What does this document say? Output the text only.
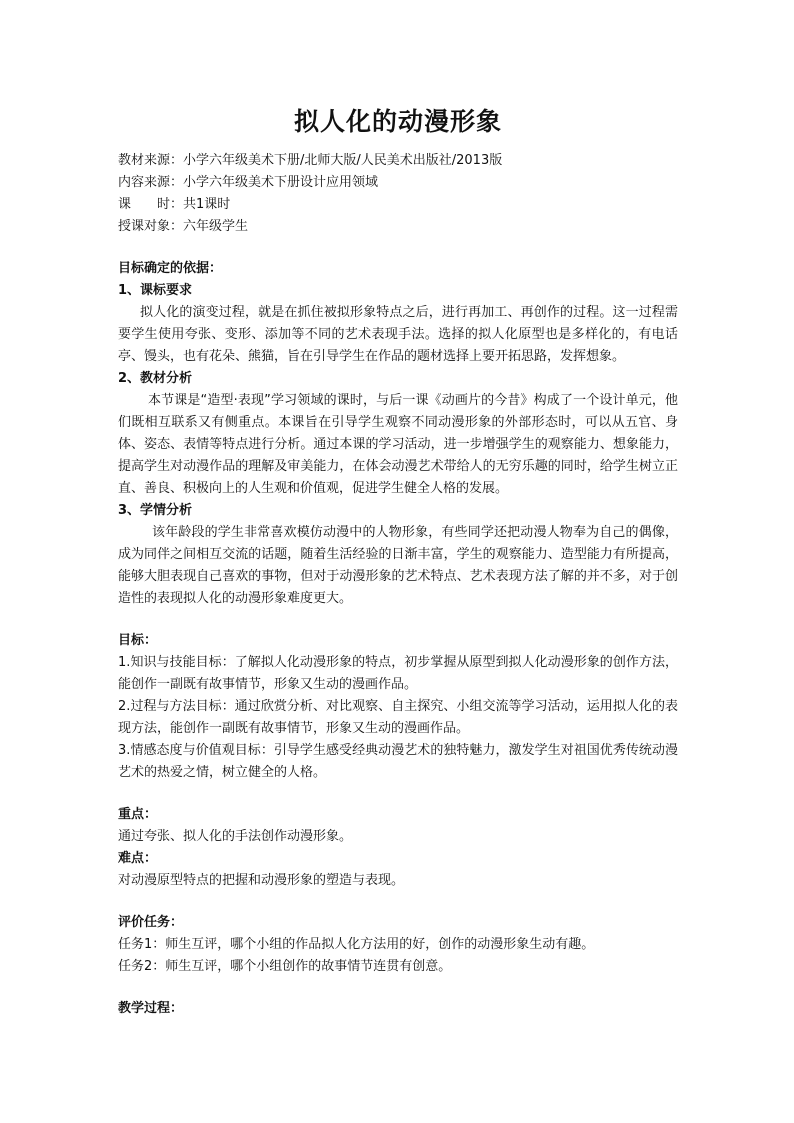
拟人化的动漫形象

教材来源：小学六年级美术下册/北师大版/人民美术出版社/2013版

内容来源：小学六年级美术下册设计应用领域

课　　时：共1课时

授课对象：六年级学生

目标确定的依据：

1、课标要求

拟人化的演变过程，就是在抓住被拟形象特点之后，进行再加工、再创作的过程。这一过程需要学生使用夸张、变形、添加等不同的艺术表现手法。选择的拟人化原型也是多样化的，有电话亭、馒头，也有花朵、熊猫，旨在引导学生在作品的题材选择上要开拓思路，发挥想象。

2、教材分析

本节课是“造型·表现”学习领域的课时，与后一课《动画片的今昔》构成了一个设计单元，他们既相互联系又有侧重点。本课旨在引导学生观察不同动漫形象的外部形态时，可以从五官、身体、姿态、表情等特点进行分析。通过本课的学习活动，进一步增强学生的观察能力、想象能力，提高学生对动漫作品的理解及审美能力，在体会动漫艺术带给人的无穷乐趣的同时，给学生树立正直、善良、积极向上的人生观和价值观，促进学生健全人格的发展。

3、学情分析

该年龄段的学生非常喜欢模仿动漫中的人物形象，有些同学还把动漫人物奉为自己的偶像，成为同伴之间相互交流的话题，随着生活经验的日渐丰富，学生的观察能力、造型能力有所提高，能够大胆表现自己喜欢的事物，但对于动漫形象的艺术特点、艺术表现方法了解的并不多，对于创造性的表现拟人化的动漫形象难度更大。

目标：

1.知识与技能目标：了解拟人化动漫形象的特点，初步掌握从原型到拟人化动漫形象的创作方法，能创作一副既有故事情节，形象又生动的漫画作品。

2.过程与方法目标：通过欣赏分析、对比观察、自主探究、小组交流等学习活动，运用拟人化的表现方法，能创作一副既有故事情节，形象又生动的漫画作品。

3.情感态度与价值观目标：引导学生感受经典动漫艺术的独特魅力，激发学生对祖国优秀传统动漫艺术的热爱之情，树立健全的人格。

重点：

通过夸张、拟人化的手法创作动漫形象。

难点：

对动漫原型特点的把握和动漫形象的塑造与表现。

评价任务：

任务1：师生互评，哪个小组的作品拟人化方法用的好，创作的动漫形象生动有趣。

任务2：师生互评，哪个小组创作的故事情节连贯有创意。

教学过程：
